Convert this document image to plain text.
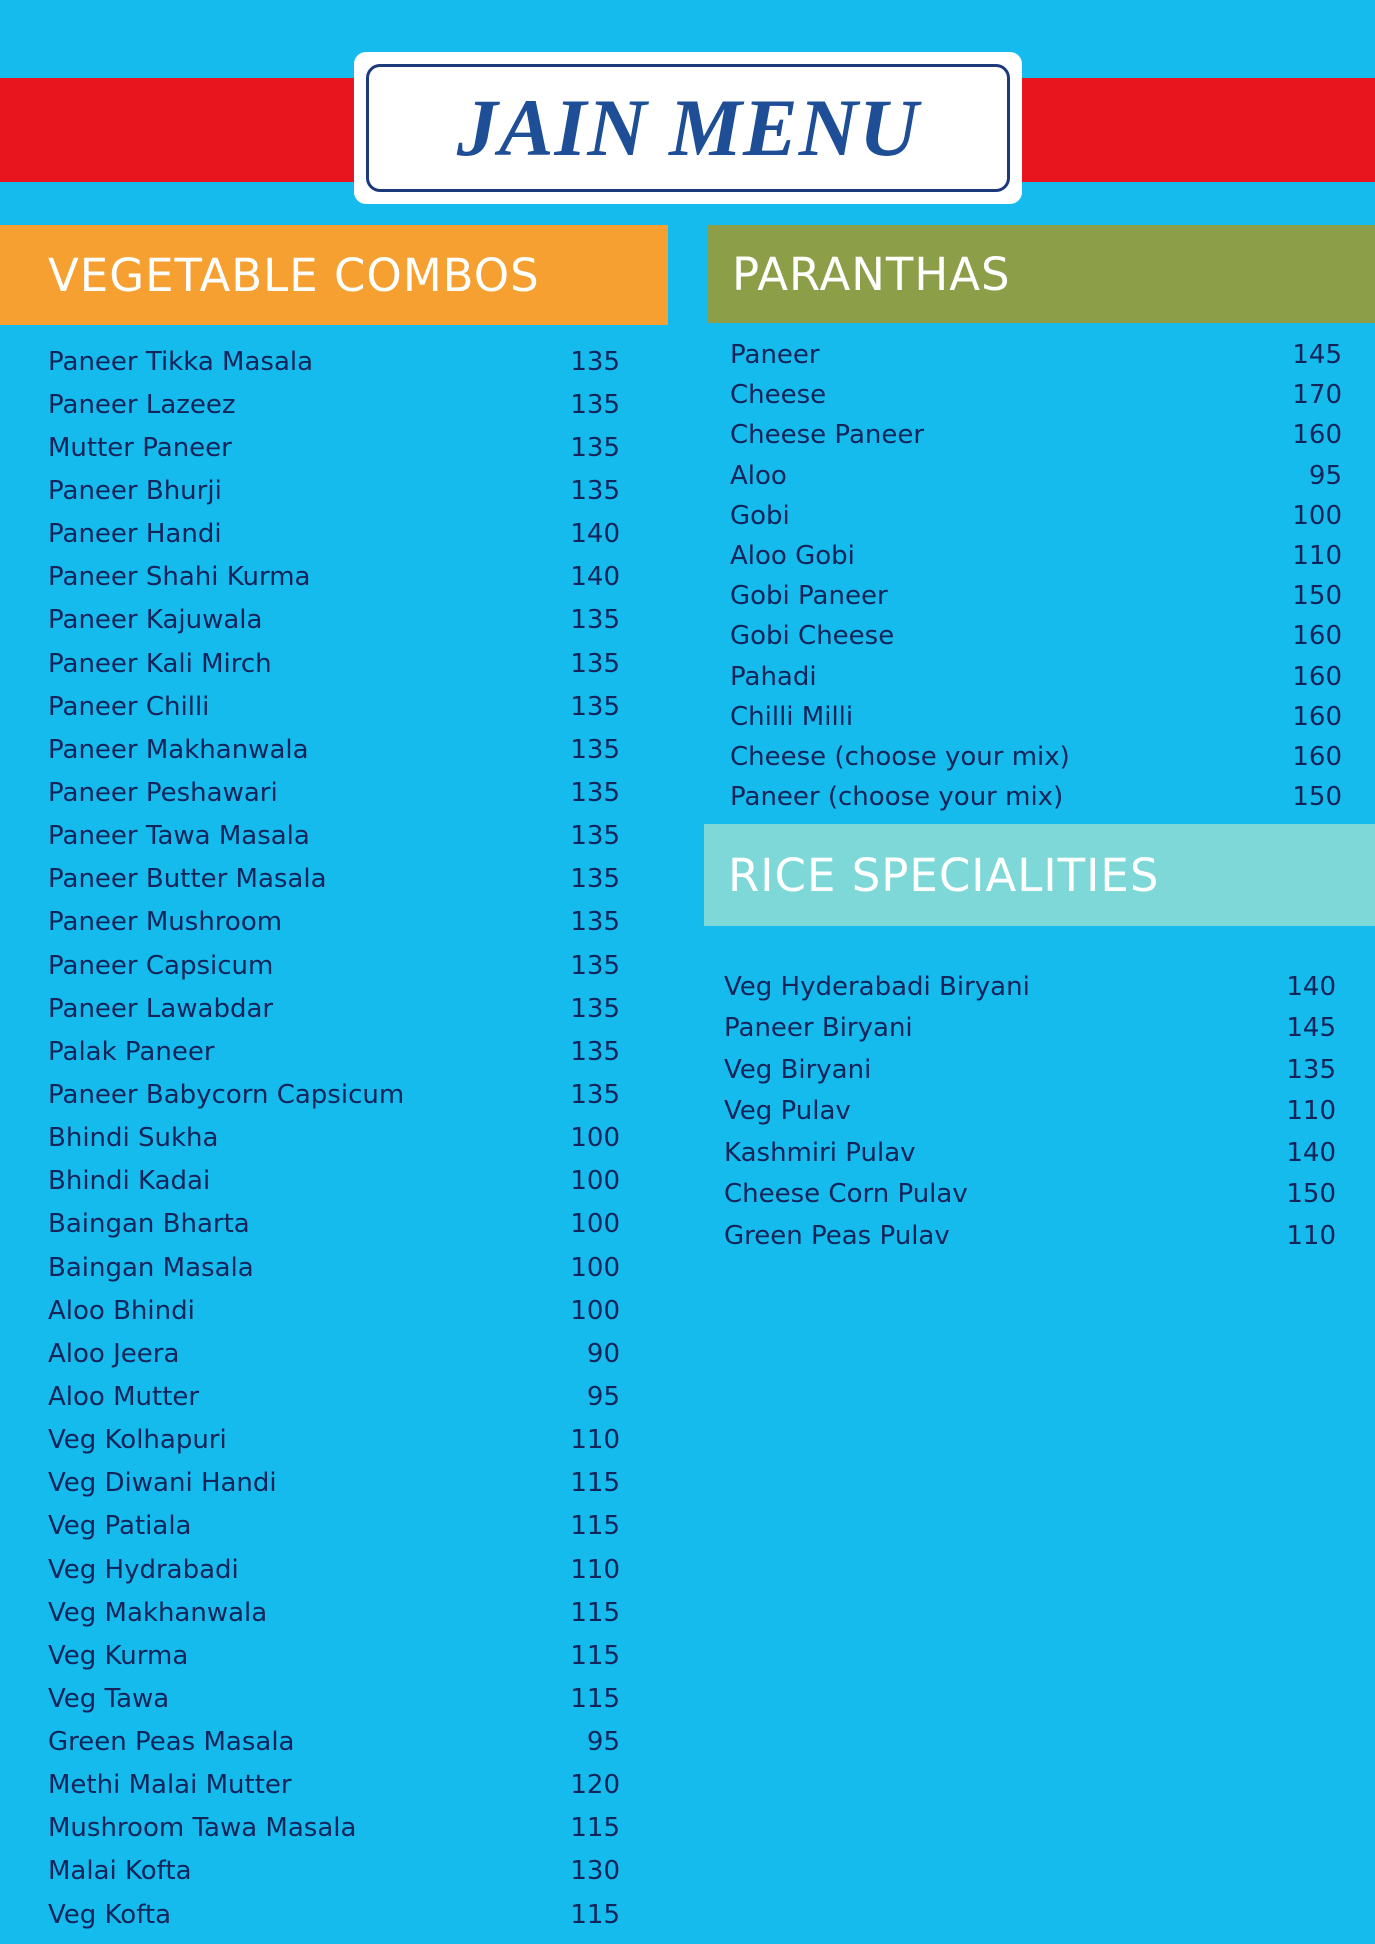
JAIN MENU
VEGETABLE COMBOS	PARANTHAS
RICE SPECIALITIES
Paneer Tikka Masala	135
Paneer Lazeez	135
Mutter Paneer	135
Paneer Bhurji	135
Paneer Handi	140
Paneer Shahi Kurma	140
Paneer Kajuwala	135
Paneer Kali Mirch	135
Paneer Chilli	135
Paneer Makhanwala	135
Paneer Peshawari	135
Paneer Tawa Masala	135
Paneer Butter Masala	135
Paneer Mushroom	135
Paneer Capsicum	135
Paneer Lawabdar	135
Palak Paneer	135
Paneer Babycorn Capsicum	135
Bhindi Sukha	100
Bhindi Kadai	100
Baingan Bharta	100
Baingan Masala	100
Aloo Bhindi	100
Aloo Jeera	90
Aloo Mutter	95
Veg Kolhapuri	110
Veg Diwani Handi	115
Veg Patiala	115
Veg Hydrabadi	110
Veg Makhanwala	115
Veg Kurma	115
Veg Tawa	115
Green Peas Masala	95
Methi Malai Mutter	120
Mushroom Tawa Masala	115
Malai Kofta	130
Veg Kofta	115
Paneer	145
Cheese	170
Cheese Paneer	160
Aloo	95
Gobi	100
Aloo Gobi	110
Gobi Paneer	150
Gobi Cheese	160
Pahadi	160
Chilli Milli	160
Cheese (choose your mix)	160
Paneer (choose your mix)	150
Veg Hyderabadi Biryani	140
Paneer Biryani	145
Veg Biryani	135
Veg Pulav	110
Kashmiri Pulav	140
Cheese Corn Pulav	150
Green Peas Pulav	110
